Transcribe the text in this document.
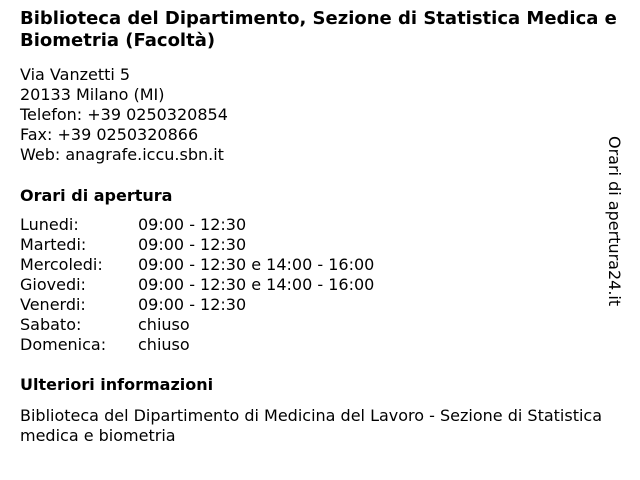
Biblioteca del Dipartimento, Sezione di Statistica Medica e Biometria (Facoltà)
Via Vanzetti 5
20133 Milano (MI)
Telefon: +39 0250320854
Fax: +39 0250320866
Web: anagrafe.iccu.sbn.it
Orari di apertura
Lunedi:	09:00 - 12:30
Martedi:	09:00 - 12:30
Mercoledi:	09:00 - 12:30 e 14:00 - 16:00
Giovedi:	09:00 - 12:30 e 14:00 - 16:00
Venerdi:	09:00 - 12:30
Sabato:	chiuso
Domenica:	chiuso
Ulteriori informazioni
Biblioteca del Dipartimento di Medicina del Lavoro - Sezione di Statistica medica e biometria
Orari di apertura24.it
